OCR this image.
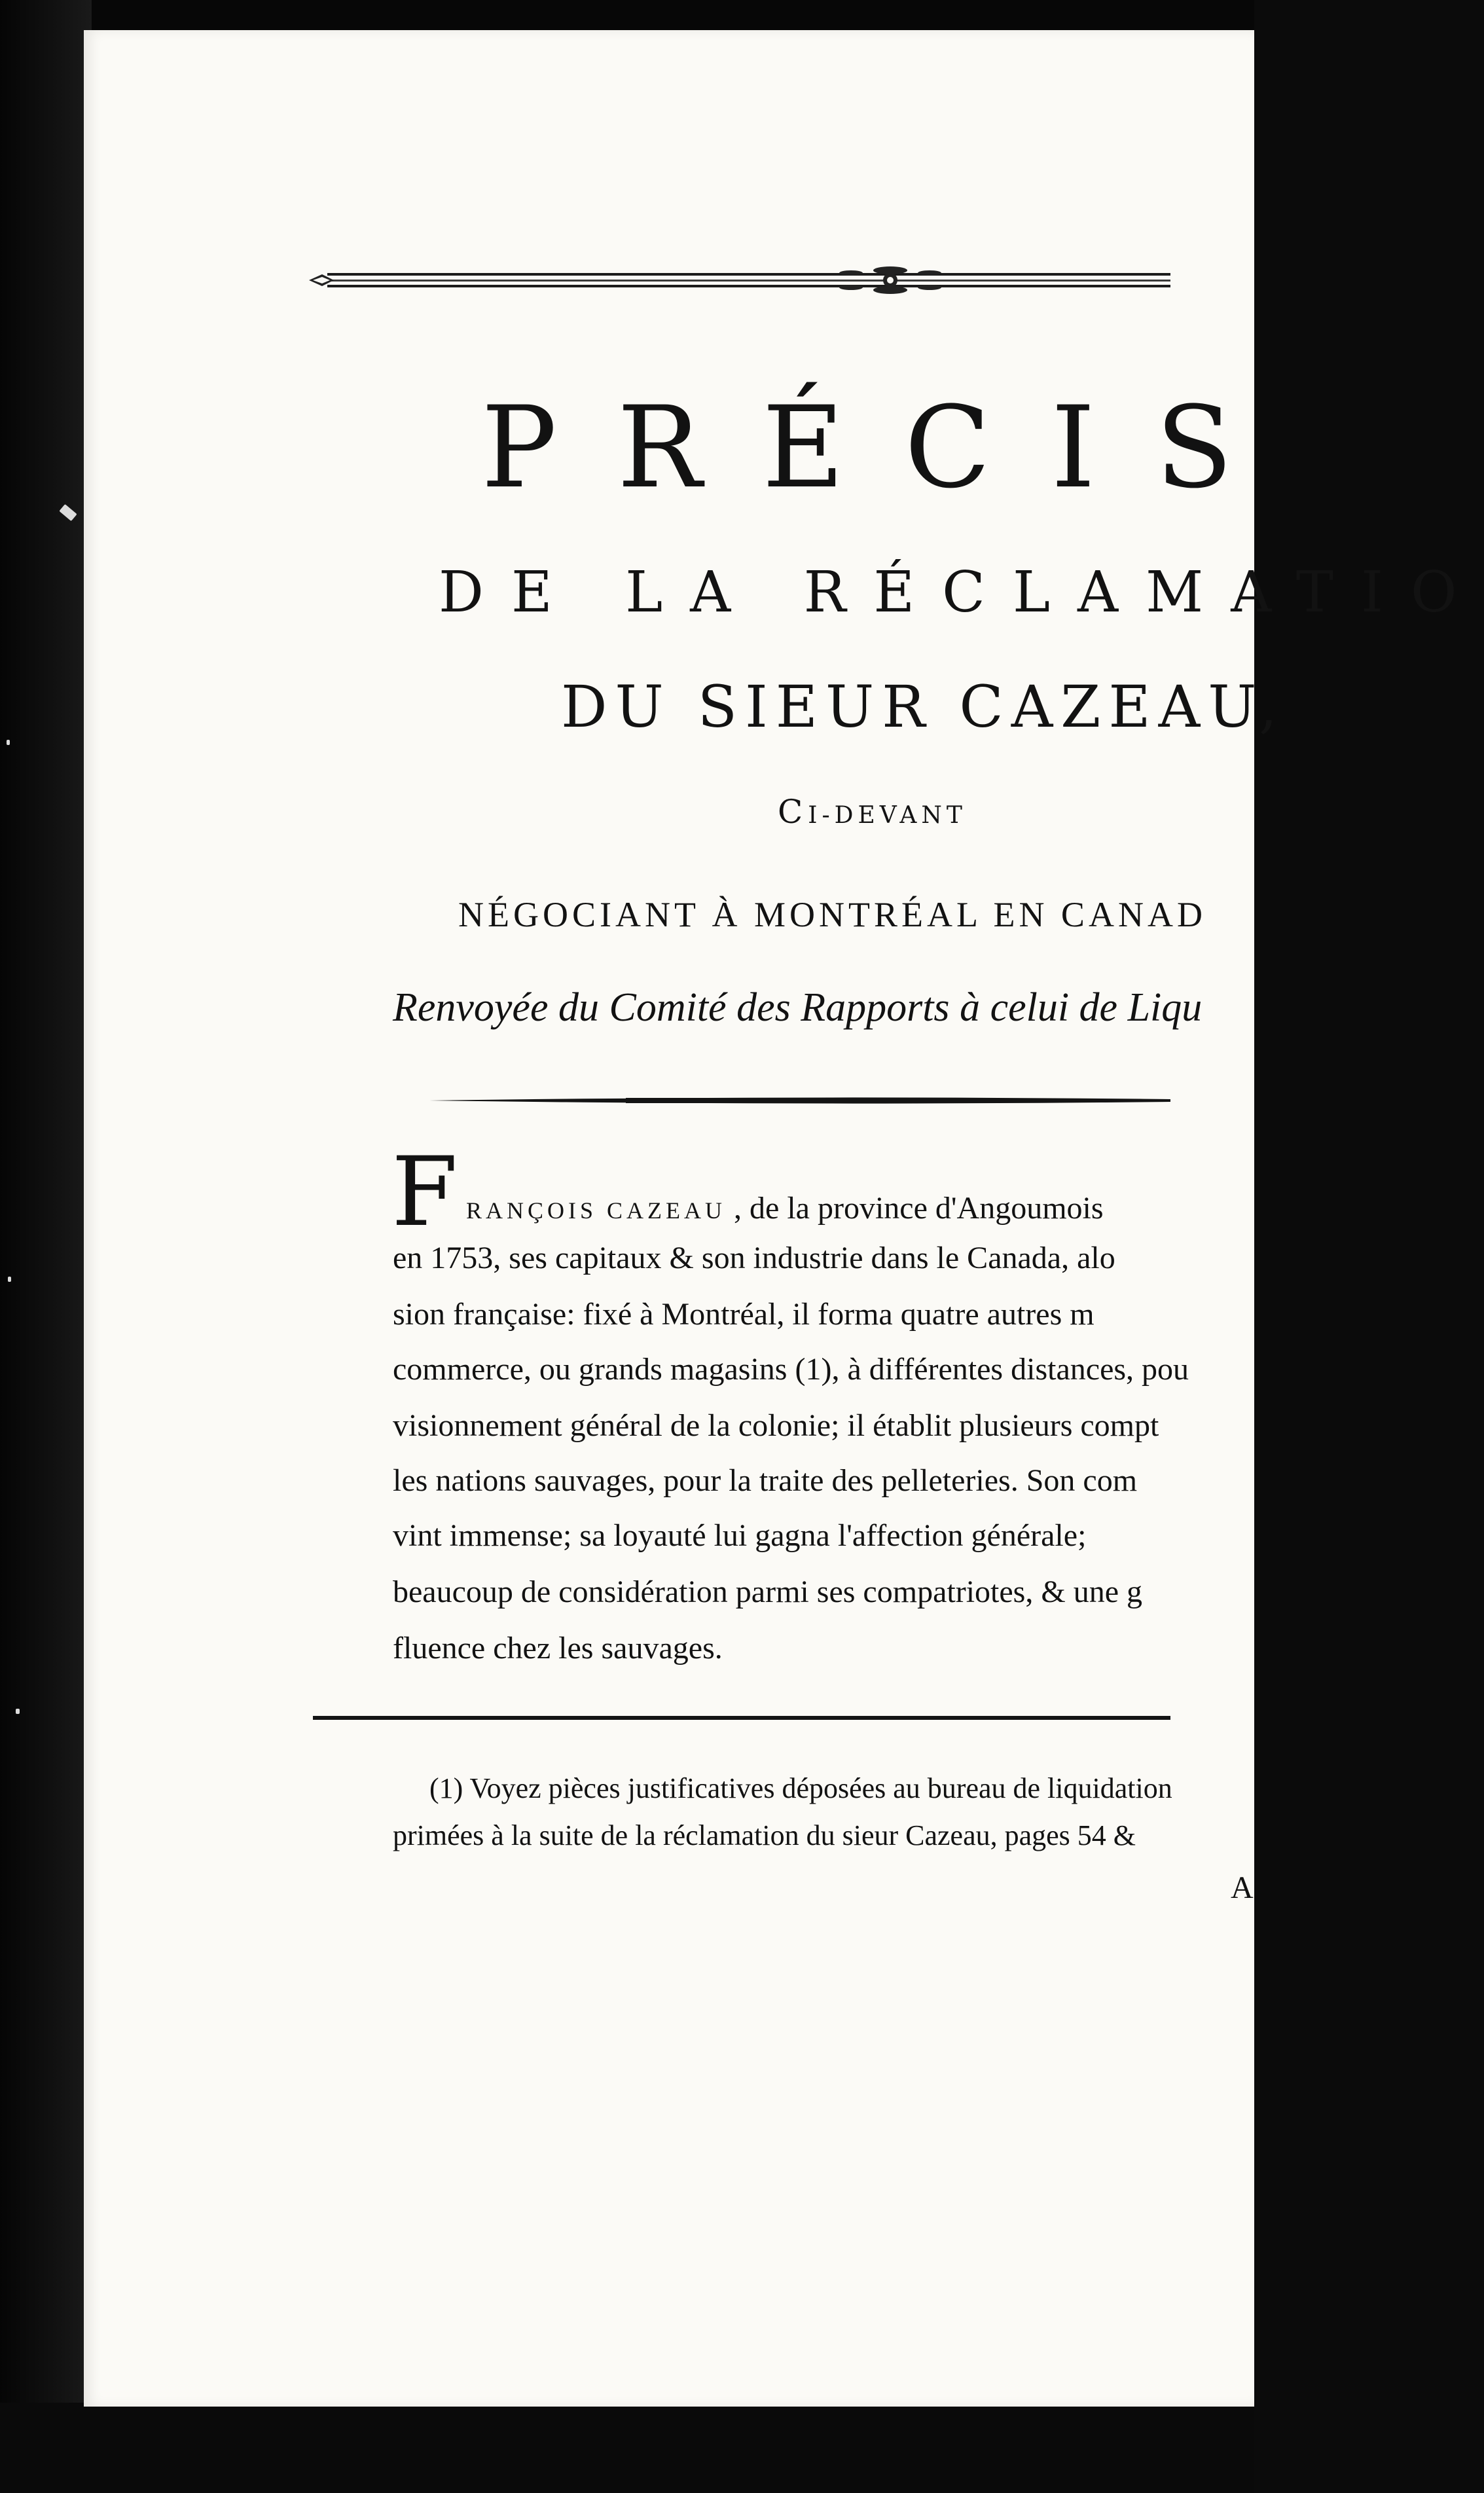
PRÉCIS
DE LA RÉCLAMATIO
DU SIEUR CAZEAU,
CI-DEVANT
NÉGOCIANT À MONTRÉAL EN CANAD
Renvoyée du Comité des Rapports à celui de Liqu
F RANÇOIS CAZEAU , de la province d'Angoumois
en 1753, ses capitaux & son industrie dans le Canada, alo
sion française: fixé à Montréal, il forma quatre autres m
commerce, ou grands magasins (1), à différentes distances, pou
visionnement général de la colonie; il établit plusieurs compt
les nations sauvages, pour la traite des pelleteries. Son com
vint immense; sa loyauté lui gagna l'affection générale;
beaucoup de considération parmi ses compatriotes, & une g
fluence chez les sauvages.
(1) Voyez pièces justificatives déposées au bureau de liquidation
primées à la suite de la réclamation du sieur Cazeau, pages 54 &
A
